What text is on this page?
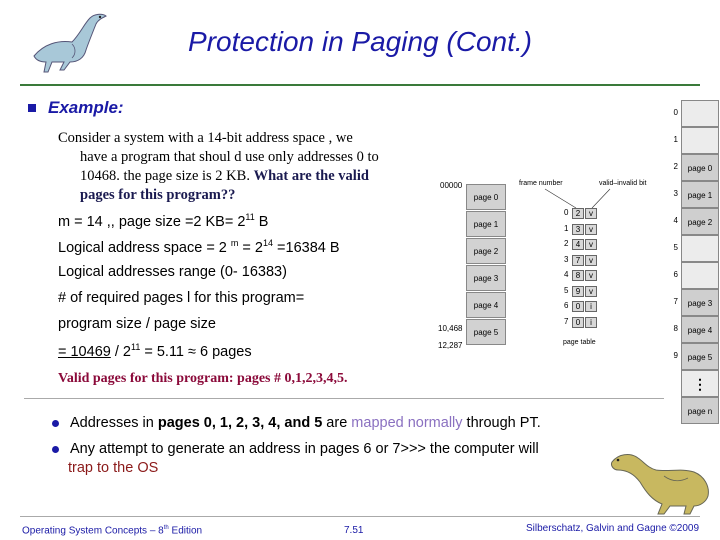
Protection in Paging (Cont.)
Example:
Consider a system with a 14-bit address space , we
have a program that shoul d use only addresses 0 to
10468. the page size is 2 KB. What are the valid
pages for this program??
m = 14 ,, page size =2 $KB= 2^{11}$ B
Logical address space = 2 $^m = 2^{14} =16384$ B
Logical addresses range (0- 16383)
# of required pages l for this program=
program size / page size
= $10469 / 2^{11} = 5.11 \approx 6$ pages
Valid pages for this program: pages # 0,1,2,3,4,5.
Addresses in pages 0, 1, 2, 3, 4, and 5 are mapped normally through PT.
Any attempt to generate an address in pages 6 or 7>>> the computer will
trap to the OS
Operating System Concepts – 8th Edition	7.51	Silberschatz, Galvin and Gagne ©2009
00000
10,468
12,287
page 0
page 1
page 2
page 3
page 4
page 5
frame number	valid–invalid bit
0 2	v
1 3	v
2 4	v
3 7	v
4 8	v
5 9	v
6 0	i
7 0	i
page table
0
1
2	page 0
3	page 1
4	page 2
5
6
7	page 3
8	page 4
9	page 5
⋮
page n
